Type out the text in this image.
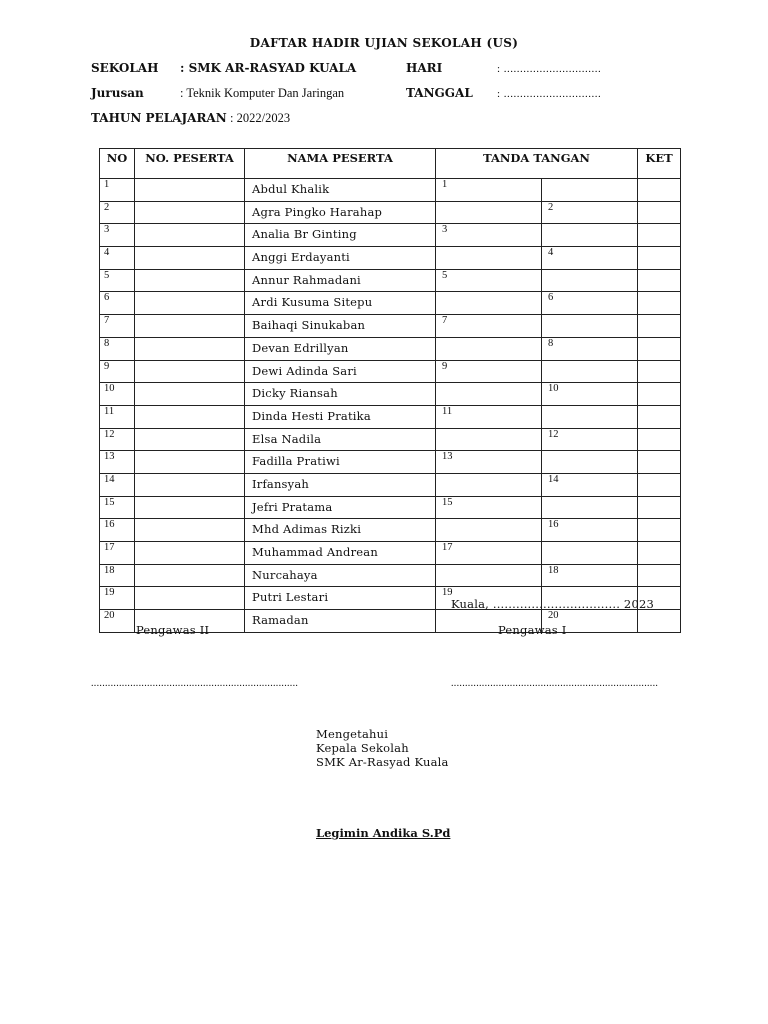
DAFTAR HADIR UJIAN SEKOLAH (US)
SEKOLAH : SMK AR-RASYAD KUALA	HARI	: ..............................
Jurusan	: Teknik Komputer Dan Jaringan	TANGGAL : ..............................
TAHUN PELAJARAN : 2022/2023
NO	NO. PESERTA	NAMA PESERTA	TANDA TANGAN		KET
1		Abdul Khalik	1		
2		Agra Pingko Harahap		2	
3		Analia Br Ginting	3		
4		Anggi Erdayanti		4	
5		Annur Rahmadani	5		
6		Ardi Kusuma Sitepu		6	
7		Baihaqi Sinukaban	7		
8		Devan Edrillyan		8	
9		Dewi Adinda Sari	9		
10		Dicky Riansah		10	
11		Dinda Hesti Pratika	11		
12		Elsa Nadila		12	
13		Fadilla Pratiwi	13		
14		Irfansyah		14	
15		Jefri Pratama	15		
16		Mhd Adimas Rizki		16	
17		Muhammad Andrean	17		
18		Nurcahaya		18	
19		Putri Lestari	19		
20		Ramadan		20	
Kuala, ................................. 2023
Pengawas II	Pengawas I
..........................................................................	..........................................................................
Mengetahui
Kepala Sekolah
SMK Ar-Rasyad Kuala
Legimin Andika S.Pd
